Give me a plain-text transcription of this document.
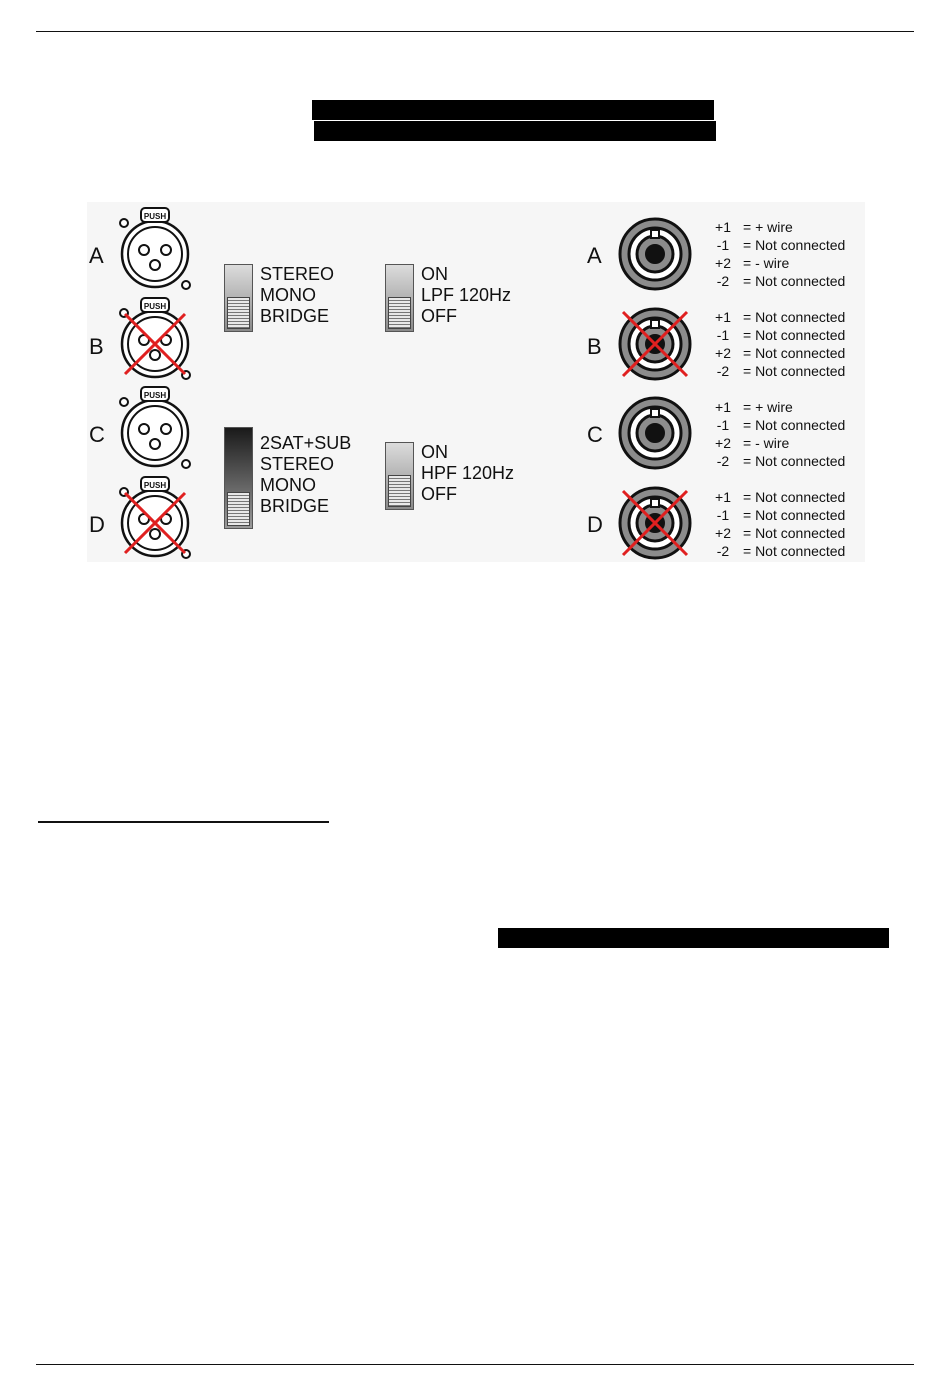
A
B
C
D
PUSH
PUSH
PUSH
PUSH
STEREO
MONO
BRIDGE
ON
LPF 120Hz
OFF
2SAT+SUB
STEREO
MONO
BRIDGE
ON
HPF 120Hz
OFF
A
B
C
D
+1 = + wire
-1 = Not connected
+2 = - wire
-2 = Not connected
+1 = Not connected
-1 = Not connected
+2 = Not connected
-2 = Not connected
+1 = + wire
-1 = Not connected
+2 = - wire
-2 = Not connected
+1 = Not connected
-1 = Not connected
+2 = Not connected
-2 = Not connected
